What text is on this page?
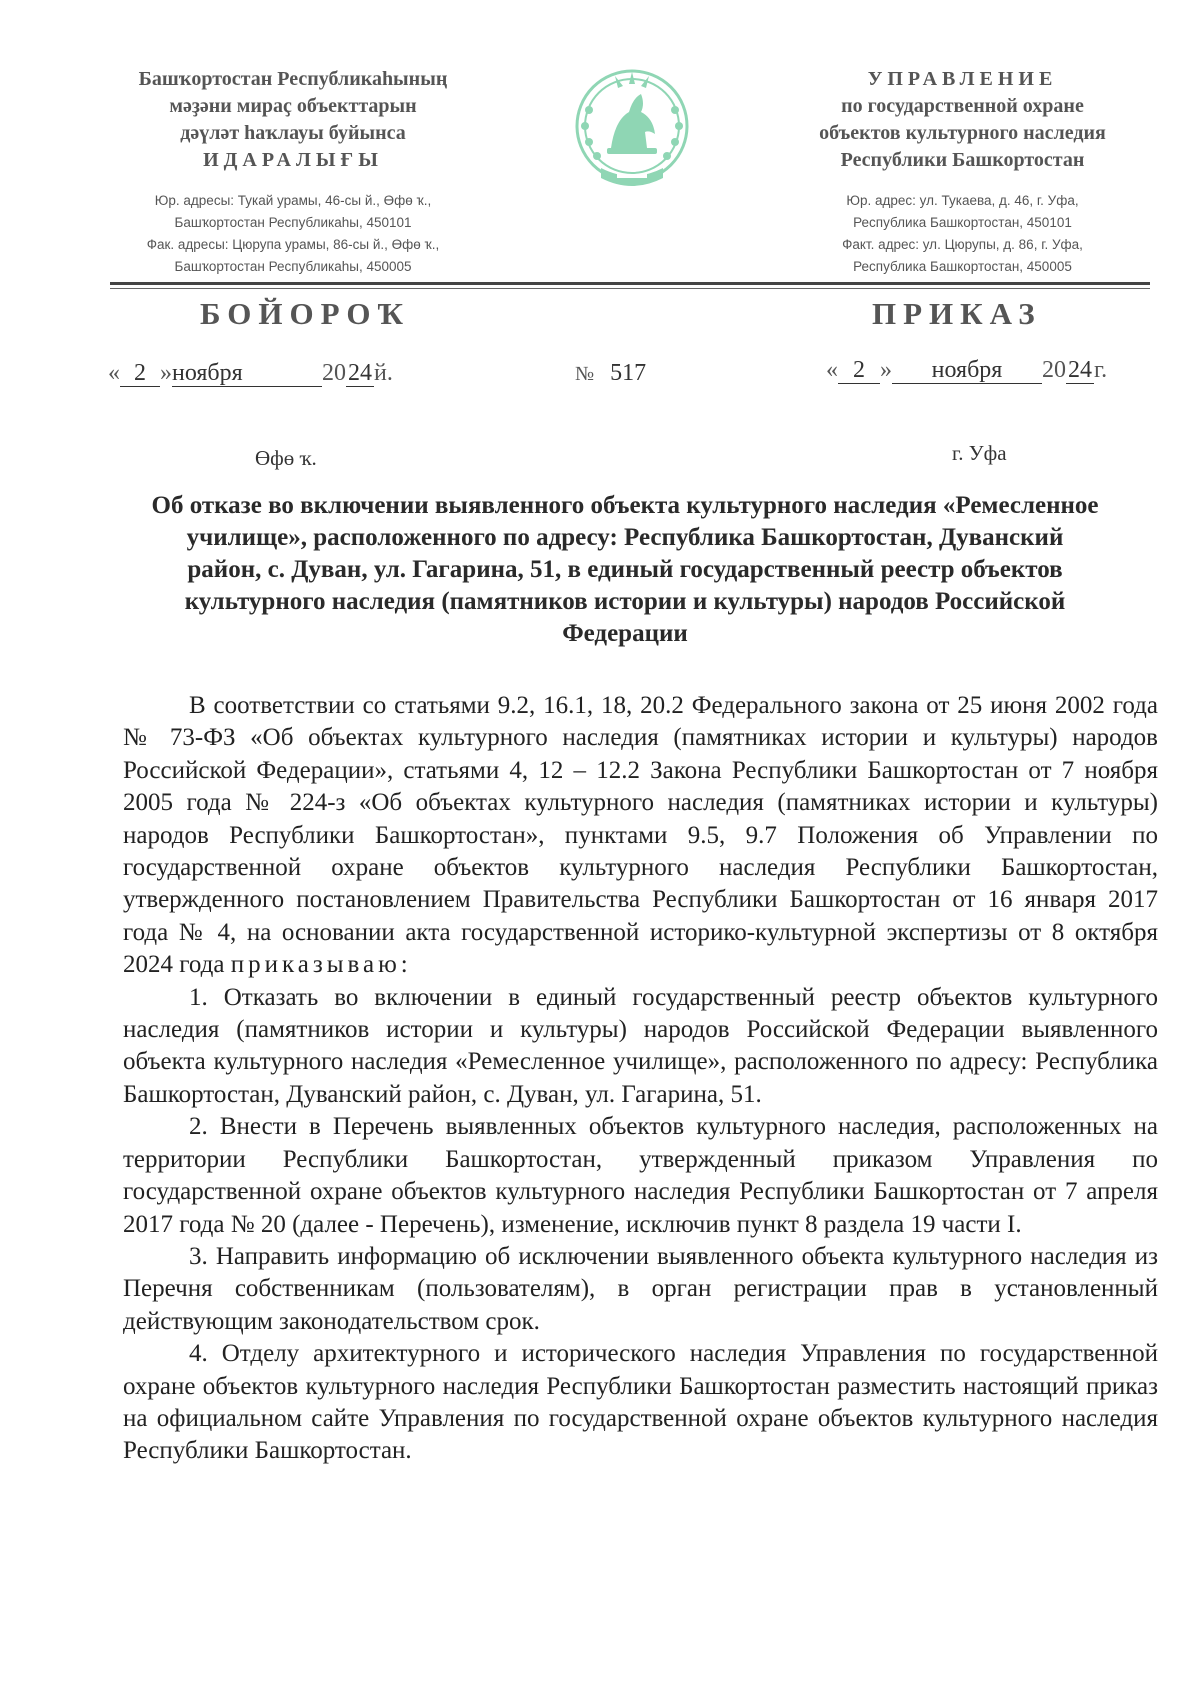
Башҡортостан Республикаһының
мәҙәни мираҫ объекттарын
дәүләт һаҡлауы буйынса
ИДАРАЛЫҒЫ
Юр. адресы: Тукай урамы, 46-сы й., Өфө ҡ.,
Башҡортостан Республикаһы, 450101
Фак. адресы: Цюрупа урамы, 86-сы й., Өфө ҡ.,
Башҡортостан Республикаһы, 450005
УПРАВЛЕНИЕ
по государственной охране
объектов культурного наследия
Республики Башкортостан
Юр. адрес: ул. Тукаева, д. 46, г. Уфа,
Республика Башкортостан, 450101
Факт. адрес: ул. Цюрупы, д. 86, г. Уфа,
Республика Башкортостан, 450005
БОЙОРОҠ	ПРИКАЗ
« 2 »ноября	2024й.	№ 517	« 2 » ноября 2024г.
Өфө ҡ.	г. Уфа
Об отказе во включении выявленного объекта культурного наследия «Ремесленное училище», расположенного по адресу: Республика Башкортостан, Дуванский район, с. Дуван, ул. Гагарина, 51, в единый государственный реестр объектов культурного наследия (памятников истории и культуры) народов Российской Федерации

В соответствии со статьями 9.2, 16.1, 18, 20.2 Федерального закона от 25 июня 2002 года № 73-ФЗ «Об объектах культурного наследия (памятниках истории и культуры) народов Российской Федерации», статьями 4, 12 – 12.2 Закона Республики Башкортостан от 7 ноября 2005 года № 224-з «Об объектах культурного наследия (памятниках истории и культуры) народов Республики Башкортостан», пунктами 9.5, 9.7 Положения об Управлении по государственной охране объектов культурного наследия Республики Башкортостан, утвержденного постановлением Правительства Республики Башкортостан от 16 января 2017 года № 4, на основании акта государственной историко-культурной экспертизы от 8 октября 2024 года приказываю:

1. Отказать во включении в единый государственный реестр объектов культурного наследия (памятников истории и культуры) народов Российской Федерации выявленного объекта культурного наследия «Ремесленное училище», расположенного по адресу: Республика Башкортостан, Дуванский район, с. Дуван, ул. Гагарина, 51.

2. Внести в Перечень выявленных объектов культурного наследия, расположенных на территории Республики Башкортостан, утвержденный приказом Управления по государственной охране объектов культурного наследия Республики Башкортостан от 7 апреля 2017 года № 20 (далее - Перечень), изменение, исключив пункт 8 раздела 19 части I.

3. Направить информацию об исключении выявленного объекта культурного наследия из Перечня собственникам (пользователям), в орган регистрации прав в установленный действующим законодательством срок.

4. Отделу архитектурного и исторического наследия Управления по государственной охране объектов культурного наследия Республики Башкортостан разместить настоящий приказ на официальном сайте Управления по государственной охране объектов культурного наследия Республики Башкортостан.
